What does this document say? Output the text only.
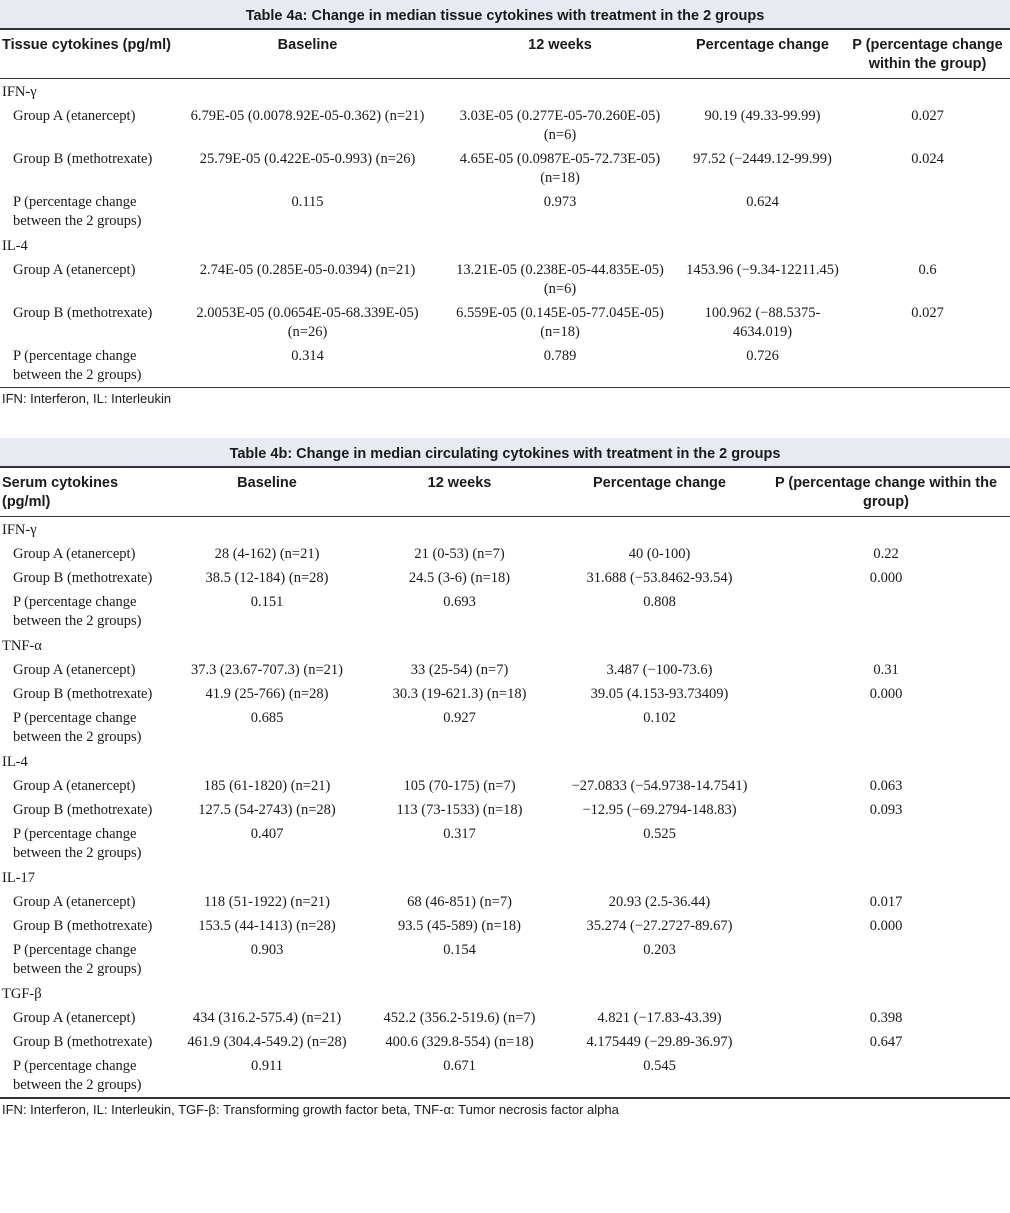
Table 4a: Change in median tissue cytokines with treatment in the 2 groups
Tissue cytokines (pg/ml)	Baseline	12 weeks	Percentage change	P (percentage change within the group)
IFN-γ				
Group A (etanercept)	6.79E-05 (0.0078.92E-05-0.362) (n=21)	3.03E-05 (0.277E-05-70.260E-05) (n=6)	90.19 (49.33-99.99)	0.027
Group B (methotrexate)	25.79E-05 (0.422E-05-0.993) (n=26)	4.65E-05 (0.0987E-05-72.73E-05) (n=18)	97.52 (−2449.12-99.99)	0.024
P (percentage change between the 2 groups)	0.115	0.973	0.624	
IL-4				
Group A (etanercept)	2.74E-05 (0.285E-05-0.0394) (n=21)	13.21E-05 (0.238E-05-44.835E-05) (n=6)	1453.96 (−9.34-12211.45)	0.6
Group B (methotrexate)	2.0053E-05 (0.0654E-05-68.339E-05) (n=26)	6.559E-05 (0.145E-05-77.045E-05) (n=18)	100.962 (−88.5375-4634.019)	0.027
P (percentage change between the 2 groups)	0.314	0.789	0.726	
IFN: Interferon, IL: Interleukin
Table 4b: Change in median circulating cytokines with treatment in the 2 groups
Serum cytokines (pg/ml)	Baseline	12 weeks	Percentage change	P (percentage change within the group)
IFN-γ				
Group A (etanercept)	28 (4-162) (n=21)	21 (0-53) (n=7)	40 (0-100)	0.22
Group B (methotrexate)	38.5 (12-184) (n=28)	24.5 (3-6) (n=18)	31.688 (−53.8462-93.54)	0.000
P (percentage change between the 2 groups)	0.151	0.693	0.808	
TNF-α				
Group A (etanercept)	37.3 (23.67-707.3) (n=21)	33 (25-54) (n=7)	3.487 (−100-73.6)	0.31
Group B (methotrexate)	41.9 (25-766) (n=28)	30.3 (19-621.3) (n=18)	39.05 (4.153-93.73409)	0.000
P (percentage change between the 2 groups)	0.685	0.927	0.102	
IL-4				
Group A (etanercept)	185 (61-1820) (n=21)	105 (70-175) (n=7)	−27.0833 (−54.9738-14.7541)	0.063
Group B (methotrexate)	127.5 (54-2743) (n=28)	113 (73-1533) (n=18)	−12.95 (−69.2794-148.83)	0.093
P (percentage change between the 2 groups)	0.407	0.317	0.525	
IL-17				
Group A (etanercept)	118 (51-1922) (n=21)	68 (46-851) (n=7)	20.93 (2.5-36.44)	0.017
Group B (methotrexate)	153.5 (44-1413) (n=28)	93.5 (45-589) (n=18)	35.274 (−27.2727-89.67)	0.000
P (percentage change between the 2 groups)	0.903	0.154	0.203	
TGF-β				
Group A (etanercept)	434 (316.2-575.4) (n=21)	452.2 (356.2-519.6) (n=7)	4.821 (−17.83-43.39)	0.398
Group B (methotrexate)	461.9 (304.4-549.2) (n=28)	400.6 (329.8-554) (n=18)	4.175449 (−29.89-36.97)	0.647
P (percentage change between the 2 groups)	0.911	0.671	0.545	
IFN: Interferon, IL: Interleukin, TGF-β: Transforming growth factor beta, TNF-α: Tumor necrosis factor alpha
